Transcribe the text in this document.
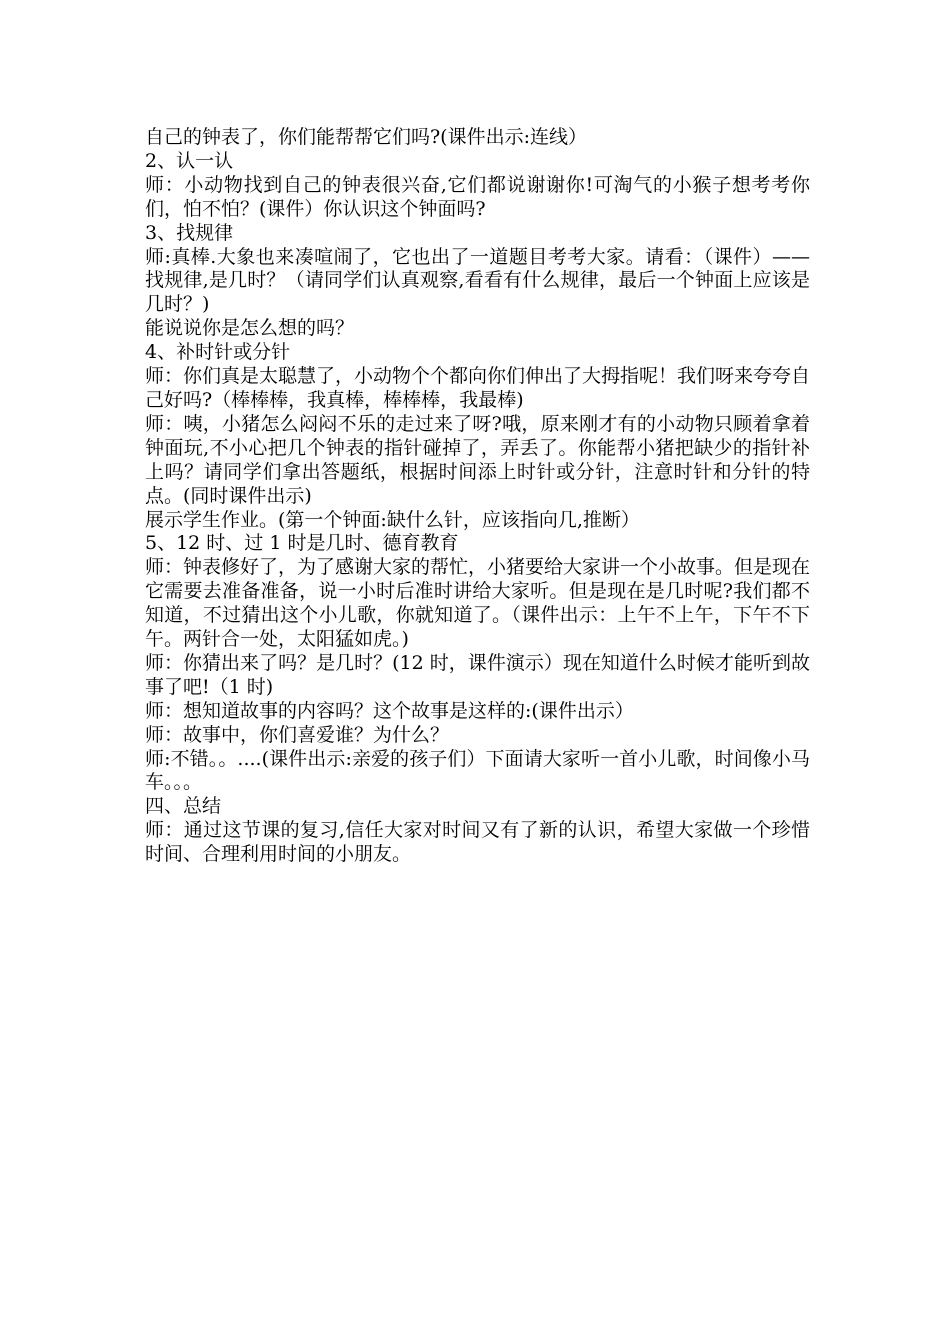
自己的钟表了，你们能帮帮它们吗?(课件出示:连线）

2、认一认

师：小动物找到自己的钟表很兴奋,它们都说谢谢你!可淘气的小猴子想考考你们，怕不怕？(课件）你认识这个钟面吗?

3、找规律

师:真棒.大象也来凑喧闹了，它也出了一道题目考考大家。请看：（课件）——找规律,是几时？（请同学们认真观察,看看有什么规律，最后一个钟面上应该是几时？)

能说说你是怎么想的吗？

4、补时针或分针

师：你们真是太聪慧了，小动物个个都向你们伸出了大拇指呢！我们呀来夸夸自己好吗?（棒棒棒，我真棒，棒棒棒，我最棒)

师：咦，小猪怎么闷闷不乐的走过来了呀?哦，原来刚才有的小动物只顾着拿着钟面玩,不小心把几个钟表的指针碰掉了，弄丢了。你能帮小猪把缺少的指针补上吗？请同学们拿出答题纸，根据时间添上时针或分针，注意时针和分针的特点。(同时课件出示)

展示学生作业。(第一个钟面:缺什么针，应该指向几,推断）

5、12 时、过 1 时是几时、德育教育

师：钟表修好了，为了感谢大家的帮忙，小猪要给大家讲一个小故事。但是现在它需要去准备准备，说一小时后准时讲给大家听。但是现在是几时呢?我们都不知道，不过猜出这个小儿歌，你就知道了。（课件出示：上午不上午，下午不下午。两针合一处，太阳猛如虎。)

师：你猜出来了吗？是几时？(12 时，课件演示）现在知道什么时候才能听到故事了吧!（1 时)

师：想知道故事的内容吗？这个故事是这样的:(课件出示）

师：故事中，你们喜爱谁？为什么？

师:不错。。....(课件出示:亲爱的孩子们）下面请大家听一首小儿歌，时间像小马车。。。

四、总结

师：通过这节课的复习,信任大家对时间又有了新的认识，希望大家做一个珍惜时间、合理利用时间的小朋友。
